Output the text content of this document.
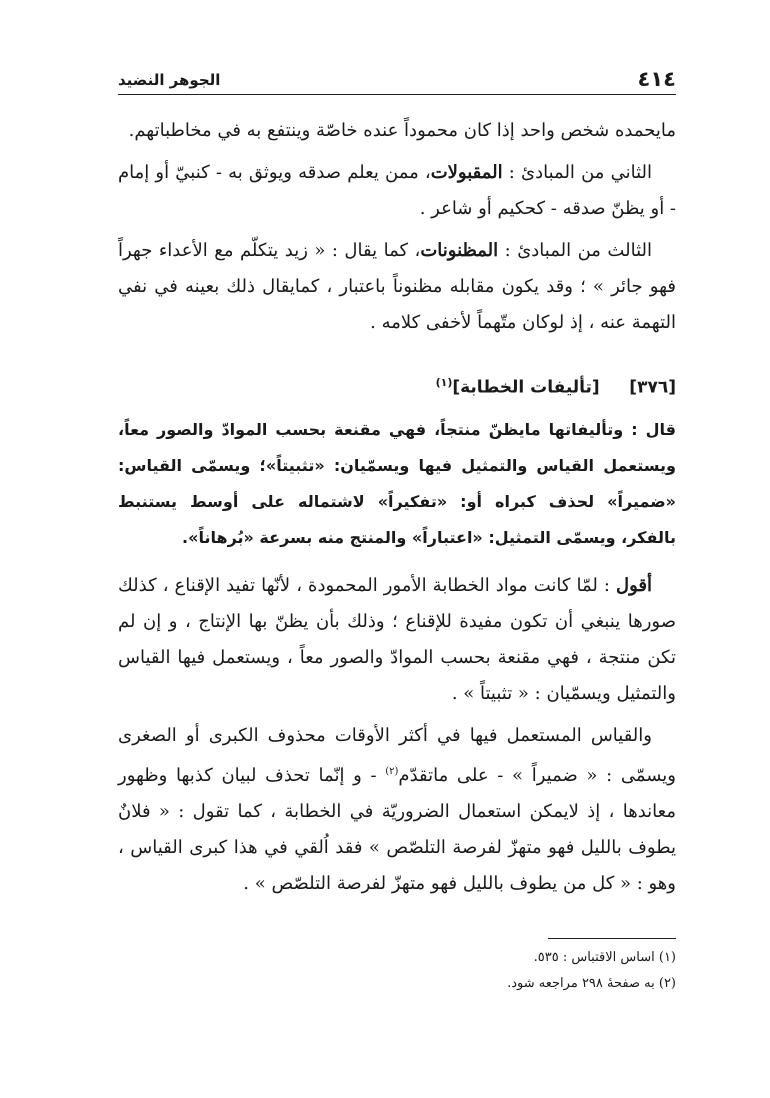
٤١٤
الجوهر النضيد

مايحمده شخص واحد إذا كان محموداً عنده خاصّة وينتفع به في مخاطباتهم.

الثاني من المبادئ : المقبولات، ممن يعلم صدقه ويوثق به - كنبيّ أو إمام - أو يظنّ صدقه - كحكيم أو شاعر .

الثالث من المبادئ : المظنونات، كما يقال : « زيد يتكلّم مع الأعداء جهراً فهو جائر » ؛ وقد يكون مقابله مظنوناً باعتبار ، كمايقال ذلك بعينه في نفي التهمة عنه ، إذ لوكان متّهماً لأخفى كلامه .

[٣٧٦]     [تأليفات الخطابة]$^{(١)}$

قال : وتأليفاتها مايظنّ منتجاً، فهي مقنعة بحسب الموادّ والصور معاً، ويستعمل القياس والتمثيل فيها ويسمّيان: «تثبيتاً»؛ ويسمّى القياس: «ضميراً» لحذف كبراه أو: «تفكيراً» لاشتماله على أوسط يستنبط بالفكر، ويسمّى التمثيل: «اعتباراً» والمنتج منه بسرعة «بُرهاناً».

أقول : لمّا كانت مواد الخطابة الأمور المحمودة ، لأنّها تفيد الإقناع ، كذلك صورها ينبغي أن تكون مفيدة للإقناع ؛ وذلك بأن يظنّ بها الإنتاج ، و إن لم تكن منتجة ، فهي مقنعة بحسب الموادّ والصور معاً ، ويستعمل فيها القياس والتمثيل ويسمّيان : « تثبيتاً » .

والقياس المستعمل فيها في أكثر الأوقات محذوف الكبرى أو الصغرى ويسمّى : « ضميراً » - على ماتقدّم$^{(٢)}$ - و إنّما تحذف لبيان كذبها وظهور معاندها ، إذ لايمكن استعمال الضروريّة في الخطابة ، كما تقول : « فلانٌ يطوف بالليل فهو متهزّ لفرصة التلصّص » فقد اُلقي في هذا كبرى القياس ، وهو : « كل من يطوف بالليل فهو متهزّ لفرصة التلصّص » .

(١) اساس الاقتباس : ٥٣٥.

(٢) به صفحهٔ ٢٩٨ مراجعه شود.
